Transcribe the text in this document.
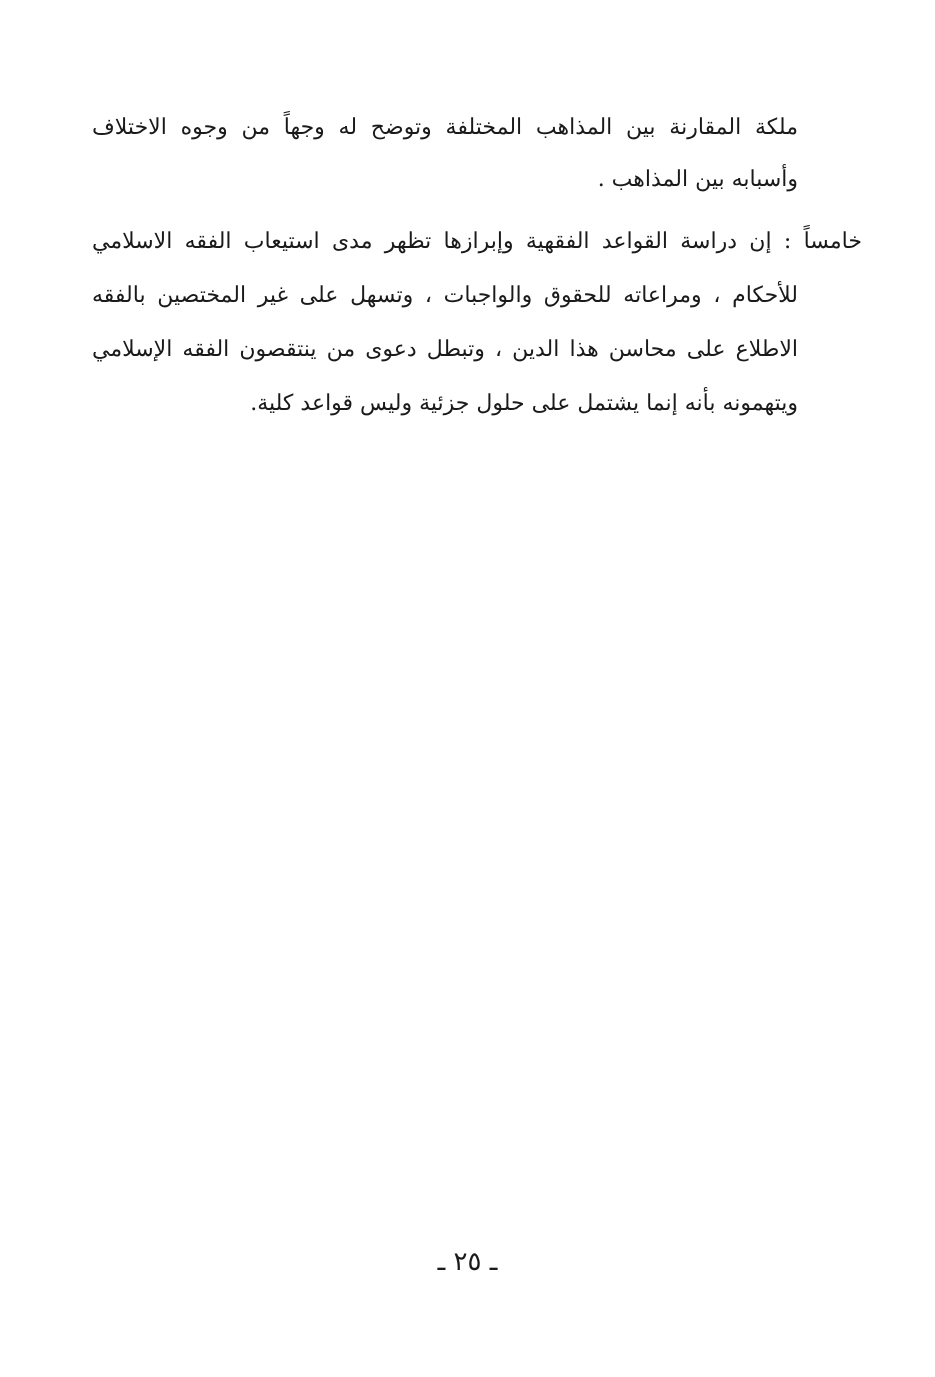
ملكة المقارنة بين المذاهب المختلفة وتوضح له وجهاً من وجوه الاختلاف
وأسبابه بين المذاهب .
خامساً : إن دراسة القواعد الفقهية وإبرازها تظهر مدى استيعاب الفقه الاسلامي
للأحكام ، ومراعاته للحقوق والواجبات ، وتسهل على غير المختصين بالفقه
الاطلاع على محاسن هذا الدين ، وتبطل دعوى من ينتقصون الفقه الإسلامي
ويتهمونه بأنه إنما يشتمل على حلول جزئية وليس قواعد كلية.
ـ ٢٥ ـ
